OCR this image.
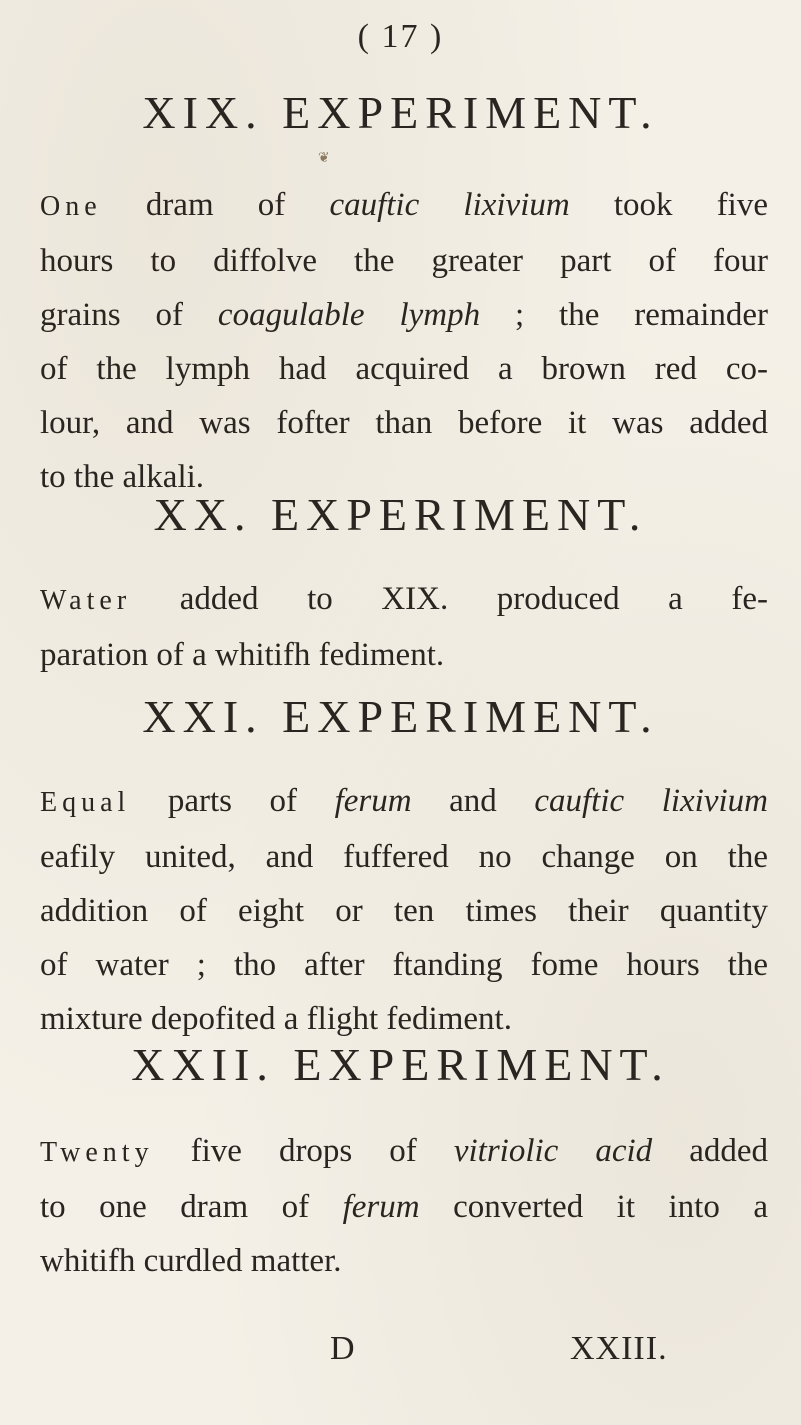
( 17 )
❦
XIX. EXPERIMENT.

One dram of cauftic lixivium took five
hours to diffolve the greater part of four
grains of coagulable lymph ; the remainder
of the lymph had acquired a brown red co-
lour, and was fofter than before it was added
to the alkali.

XX. EXPERIMENT.

Water added to XIX. produced a fe-
paration of a whitifh fediment.

XXI. EXPERIMENT.

Equal parts of ferum and cauftic lixivium
eafily united, and fuffered no change on the
addition of eight or ten times their quantity
of water ; tho after ftanding fome hours the
mixture depofited a flight fediment.

XXII. EXPERIMENT.

Twenty five drops of vitriolic acid added
to one dram of ferum converted it into a
whitifh curdled matter.

D	XXIII.
